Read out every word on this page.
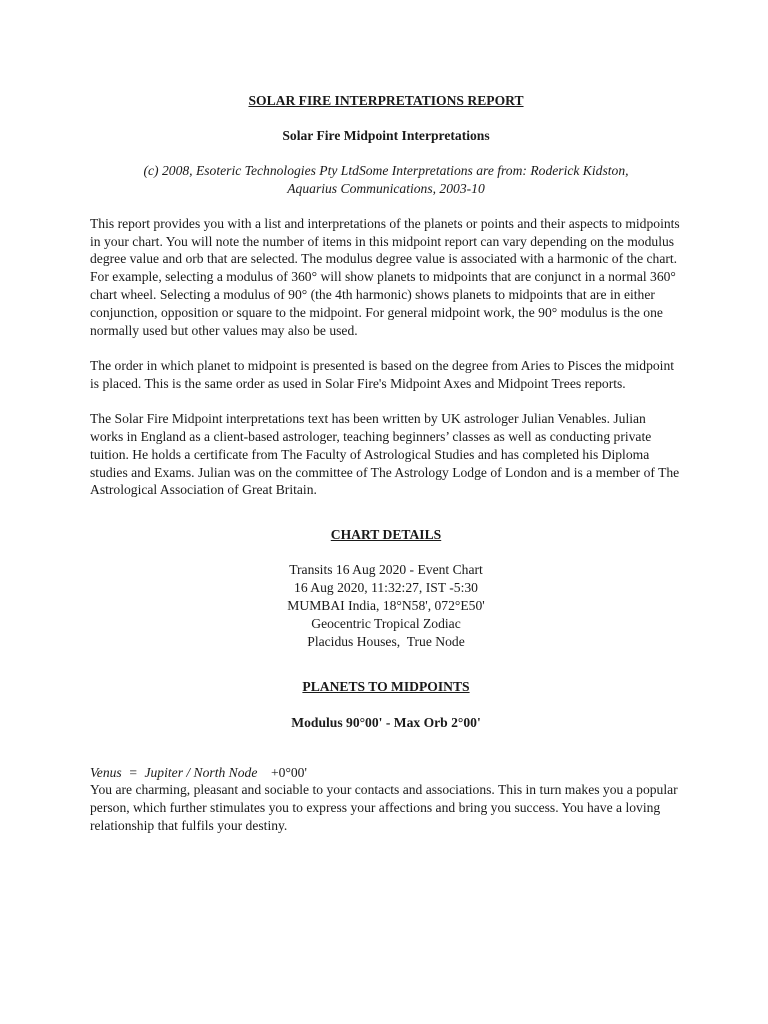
SOLAR FIRE INTERPRETATIONS REPORT

Solar Fire Midpoint Interpretations

(c) 2008, Esoteric Technologies Pty LtdSome Interpretations are from: Roderick Kidston,
Aquarius Communications, 2003-10

This report provides you with a list and interpretations of the planets or points and their aspects to midpoints in your chart. You will note the number of items in this midpoint report can vary depending on the modulus degree value and orb that are selected. The modulus degree value is associated with a harmonic of the chart. For example, selecting a modulus of 360° will show planets to midpoints that are conjunct in a normal 360° chart wheel. Selecting a modulus of 90° (the 4th harmonic) shows planets to midpoints that are in either conjunction, opposition or square to the midpoint. For general midpoint work, the 90° modulus is the one normally used but other values may also be used.

The order in which planet to midpoint is presented is based on the degree from Aries to Pisces the midpoint is placed. This is the same order as used in Solar Fire's Midpoint Axes and Midpoint Trees reports.

The Solar Fire Midpoint interpretations text has been written by UK astrologer Julian Venables. Julian works in England as a client-based astrologer, teaching beginners’ classes as well as conducting private tuition. He holds a certificate from The Faculty of Astrological Studies and has completed his Diploma studies and Exams. Julian was on the committee of The Astrology Lodge of London and is a member of The Astrological Association of Great Britain.

CHART DETAILS

Transits 16 Aug 2020 - Event Chart
16 Aug 2020, 11:32:27, IST -5:30
MUMBAI India, 18°N58', 072°E50'
Geocentric Tropical Zodiac
Placidus Houses,  True Node

PLANETS TO MIDPOINTS

Modulus 90°00' - Max Orb 2°00'

Venus  =  Jupiter / North Node +0°00'

You are charming, pleasant and sociable to your contacts and associations. This in turn makes you a popular person, which further stimulates you to express your affections and bring you success. You have a loving relationship that fulfils your destiny.
